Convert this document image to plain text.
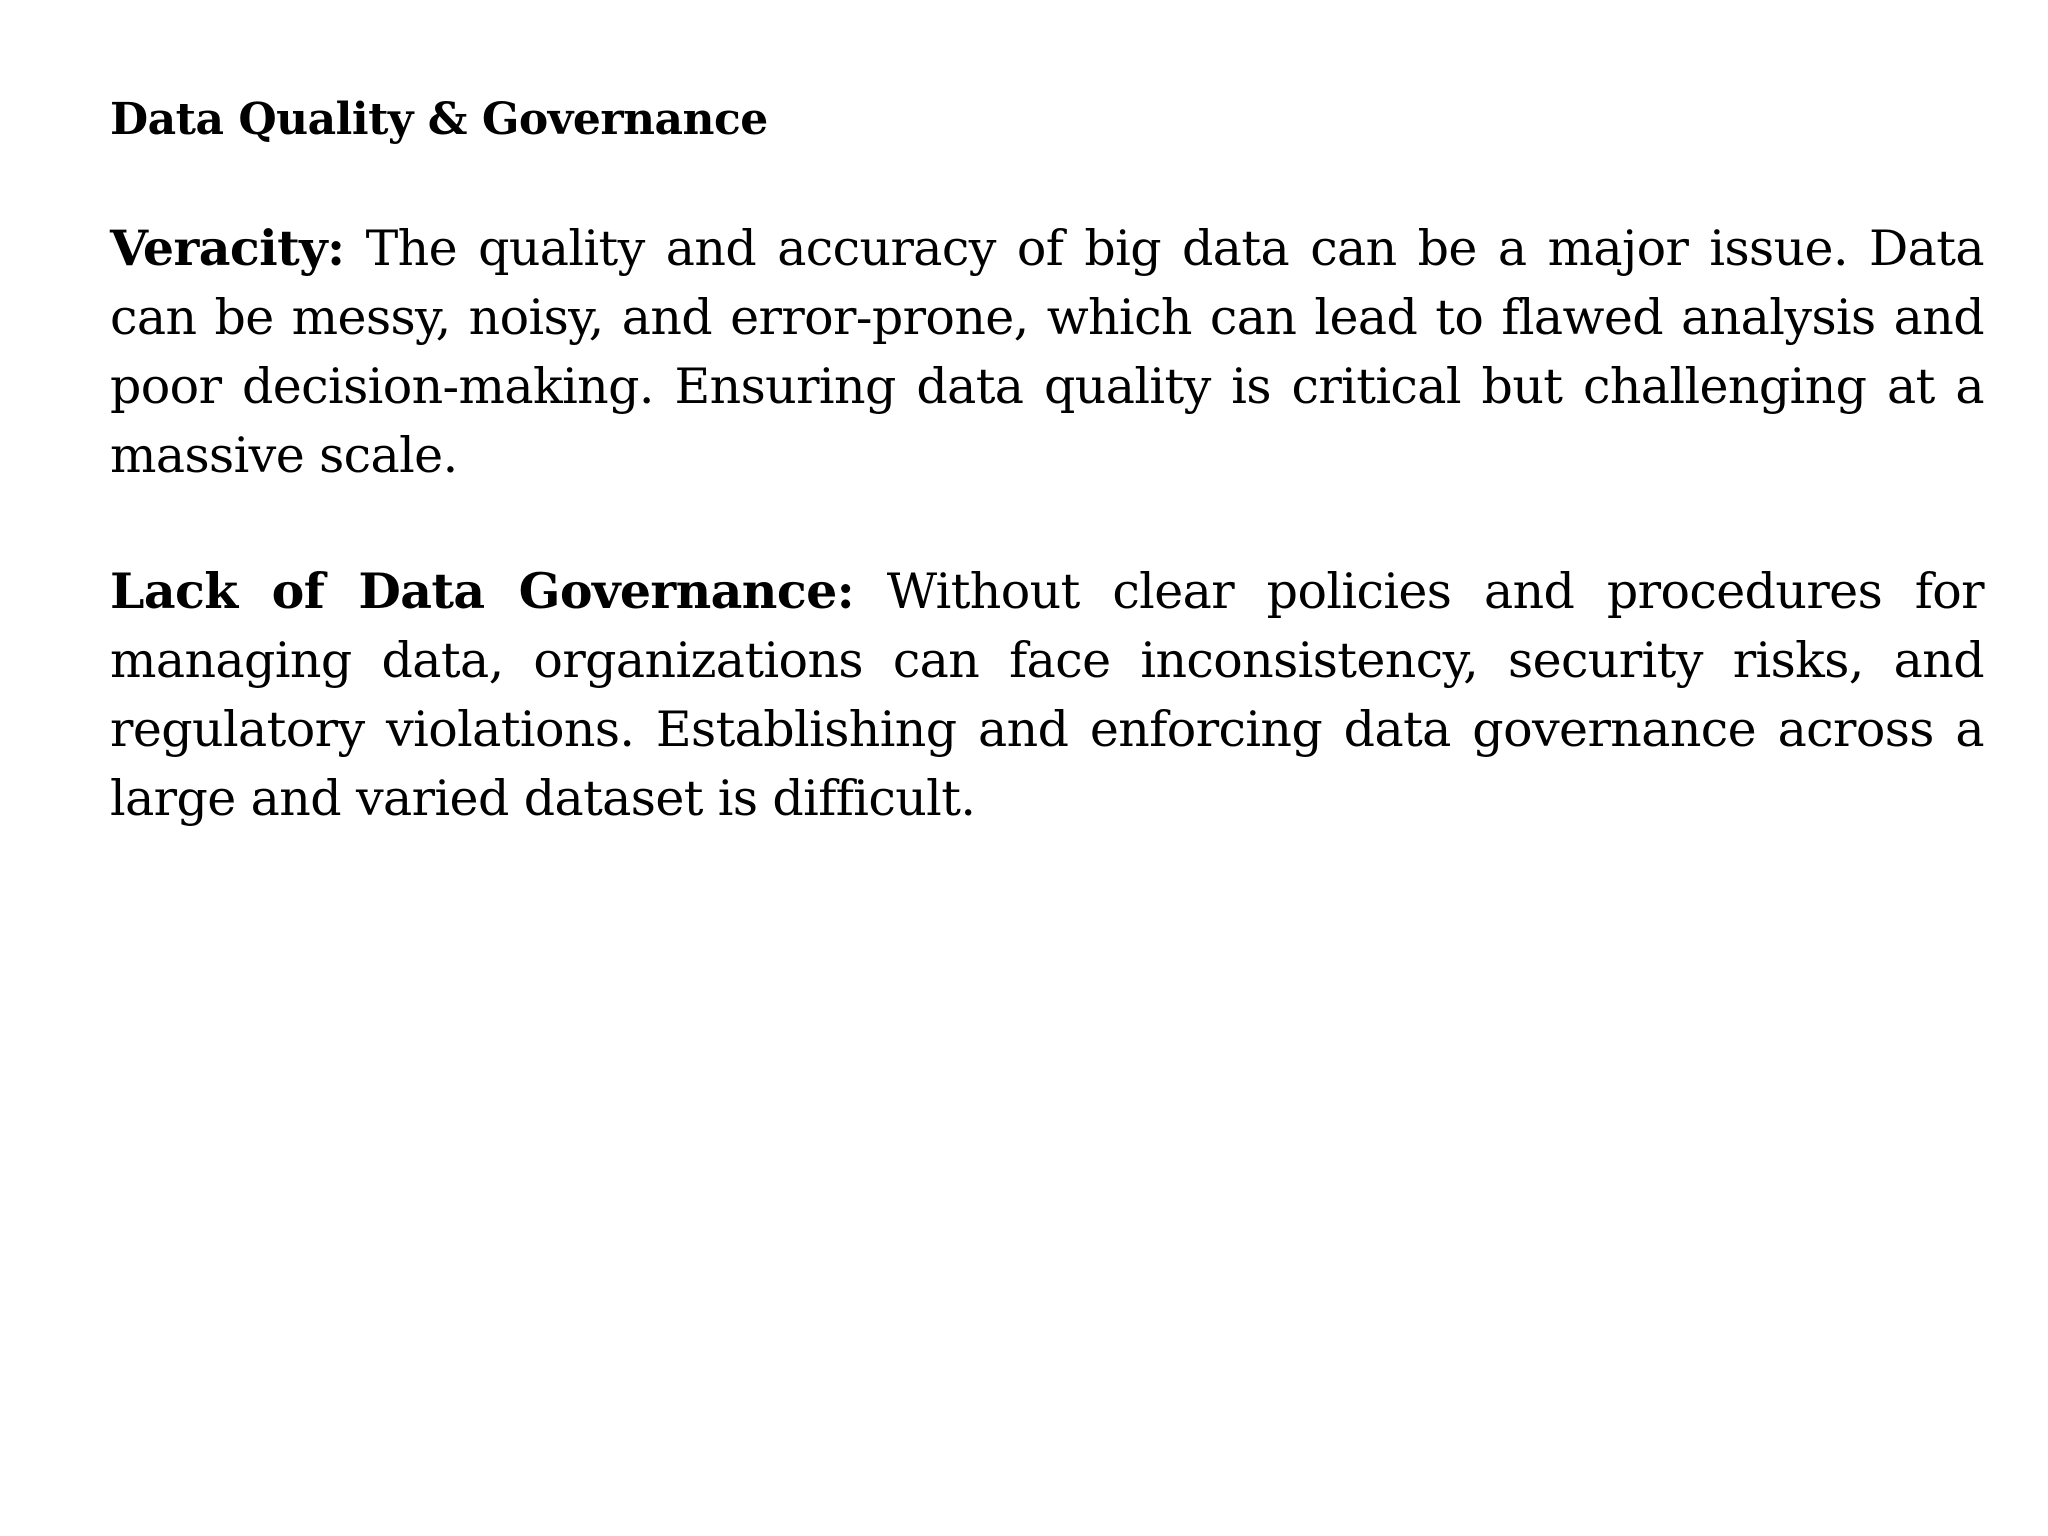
Data Quality & Governance

Veracity: The quality and accuracy of big data can be a major issue. Data can be messy, noisy, and error-prone, which can lead to flawed analysis and poor decision-making. Ensuring data quality is critical but challenging at a massive scale.

Lack of Data Governance: Without clear policies and procedures for managing data, organizations can face inconsistency, security risks, and regulatory violations. Establishing and enforcing data governance across a large and varied dataset is difficult.
